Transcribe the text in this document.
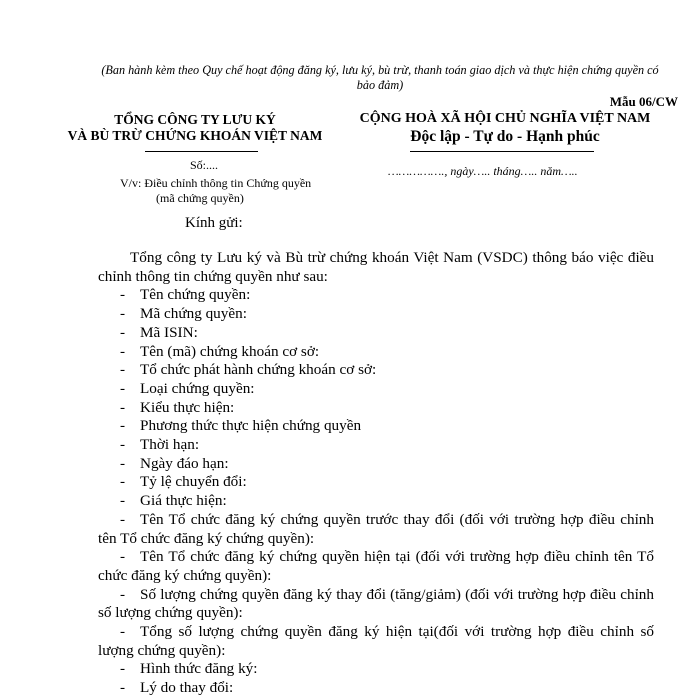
(Ban hành kèm theo Quy chế hoạt động đăng ký, lưu ký, bù trừ, thanh toán giao dịch và thực hiện chứng quyền có bảo đảm)
Mẫu 06/CW
TỔNG CÔNG TY LƯU KÝ
VÀ BÙ TRỪ CHỨNG KHOÁN VIỆT NAM
CỘNG HOÀ XÃ HỘI CHỦ NGHĨA VIỆT NAM
Độc lập - Tự do - Hạnh phúc
Số:....	……………., ngày….. tháng….. năm…..
V/v: Điều chỉnh thông tin Chứng quyền
(mã chứng quyền)
Kính gửi:

Tổng công ty Lưu ký và Bù trừ chứng khoán Việt Nam (VSDC) thông báo việc điều chỉnh thông tin chứng quyền như sau:

- Tên chứng quyền:
- Mã chứng quyền:
- Mã ISIN:
- Tên (mã) chứng khoán cơ sở:
- Tổ chức phát hành chứng khoán cơ sở:
- Loại chứng quyền:
- Kiểu thực hiện:
- Phương thức thực hiện chứng quyền
- Thời hạn:
- Ngày đáo hạn:
- Tỷ lệ chuyển đổi:
- Giá thực hiện:
- Tên Tổ chức đăng ký chứng quyền trước thay đổi (đối với trường hợp điều chỉnh tên Tổ chức đăng ký chứng quyền):
- Tên Tổ chức đăng ký chứng quyền hiện tại (đối với trường hợp điều chỉnh tên Tổ chức đăng ký chứng quyền):
- Số lượng chứng quyền đăng ký thay đổi (tăng/giảm) (đối với trường hợp điều chỉnh số lượng chứng quyền):
- Tổng số lượng chứng quyền đăng ký hiện tại(đối với trường hợp điều chỉnh số lượng chứng quyền):
- Hình thức đăng ký:
- Lý do thay đổi:
